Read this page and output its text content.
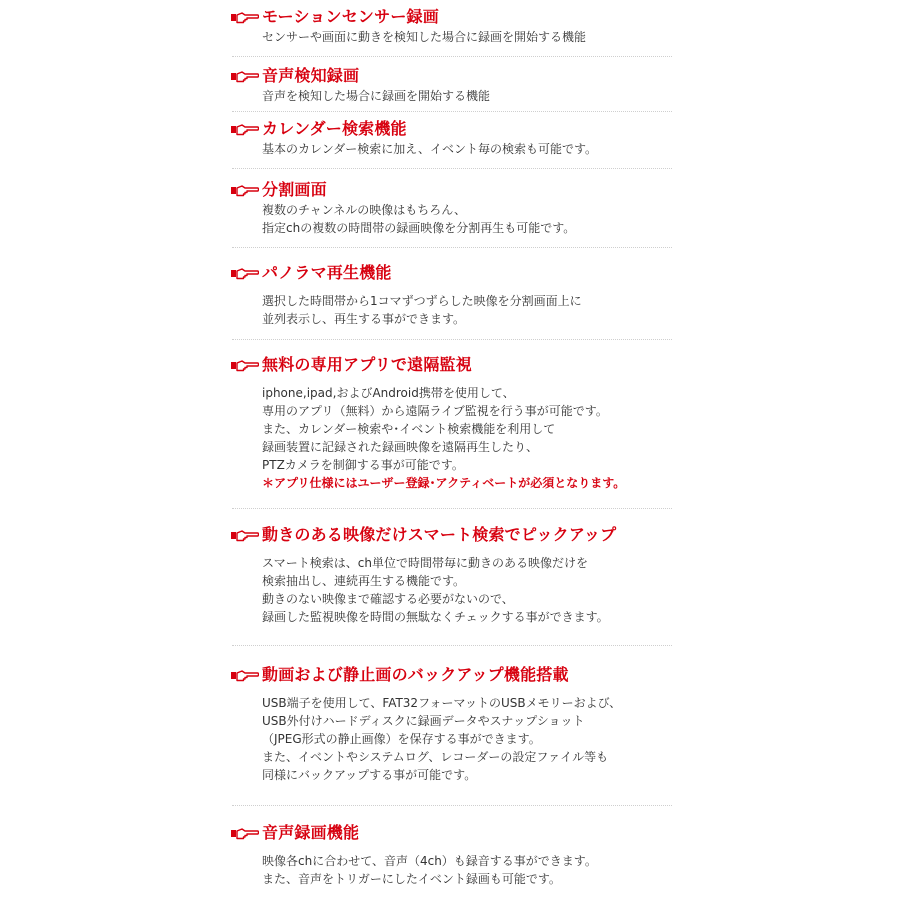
モーションセンサー録画
センサーや画面に動きを検知した場合に録画を開始する機能
音声検知録画
音声を検知した場合に録画を開始する機能
カレンダー検索機能
基本のカレンダー検索に加え、イベント毎の検索も可能です。
分割画面
複数のチャンネルの映像はもちろん、
指定chの複数の時間帯の録画映像を分割再生も可能です。
パノラマ再生機能
選択した時間帯から1コマずつずらした映像を分割画面上に
並列表示し、再生する事ができます。
無料の専用アプリで遠隔監視
iphone,ipad,およびAndroid携帯を使用して、
専用のアプリ（無料）から遠隔ライブ監視を行う事が可能です。
また、カレンダー検索や･イベント検索機能を利用して
録画装置に記録された録画映像を遠隔再生したり、
PTZカメラを制御する事が可能です。
＊アプリ仕様にはユーザー登録･アクティベートが必須となります。
動きのある映像だけスマート検索でピックアップ
スマート検索は、ch単位で時間帯毎に動きのある映像だけを
検索抽出し、連続再生する機能です。
動きのない映像まで確認する必要がないので、
録画した監視映像を時間の無駄なくチェックする事ができます。
動画および静止画のバックアップ機能搭載
USB端子を使用して、FAT32フォーマットのUSBメモリーおよび、
USB外付けハードディスクに録画データやスナップショット
（JPEG形式の静止画像）を保存する事ができます。
また、イベントやシステムログ、レコーダーの設定ファイル等も
同様にバックアップする事が可能です。
音声録画機能
映像各chに合わせて、音声（4ch）も録音する事ができます。
また、音声をトリガーにしたイベント録画も可能です。
